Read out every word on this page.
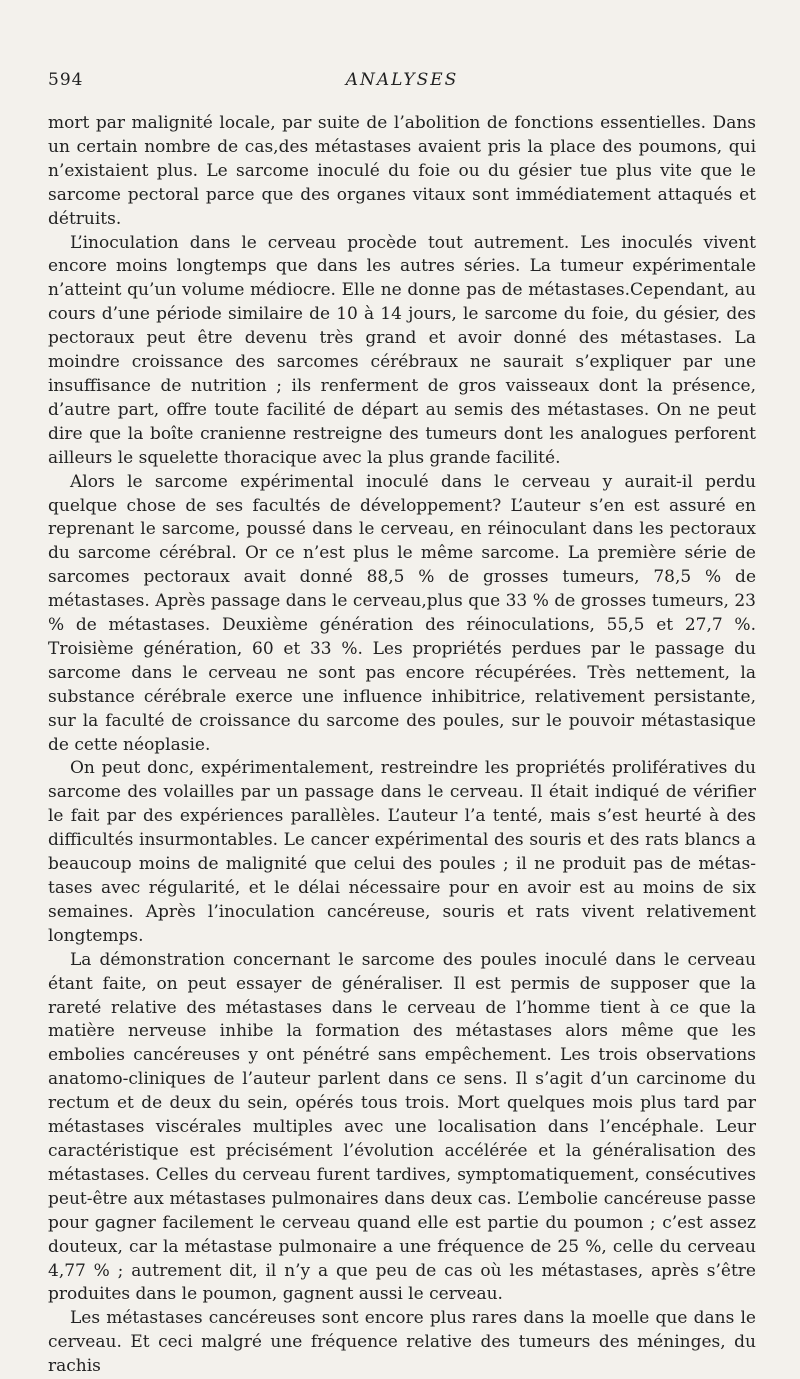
594	ANALYSES

mort par malignité locale, par suite de l’abolition de fonctions essentielles. Dans un certain nombre de cas,des métastases avaient pris la place des poumons, qui n’existaient plus. Le sarcome inoculé du foie ou du gésier tue plus vite que le sarcome pectoral parce que des organes vitaux sont immédiatement attaqués et détruits.

L’inoculation dans le cerveau procède tout autrement. Les inoculés vivent encore moins longtemps que dans les autres séries. La tumeur expérimentale n’atteint qu’un volume médiocre. Elle ne donne pas de métastases.Cependant, au cours d’une période similaire de 10 à 14 jours, le sarcome du foie, du gésier, des pectoraux peut être devenu très grand et avoir donné des métastases. La moindre croissance des sarcomes cérébraux ne saurait s’expliquer par une insuffisance de nutrition ; ils renferment de gros vaisseaux dont la présence, d’autre part, offre toute facilité de départ au semis des métastases. On ne peut dire que la boîte cranienne restreigne des tumeurs dont les analogues perforent ailleurs le squelette thoracique avec la plus grande facilité.

Alors le sarcome expérimental inoculé dans le cerveau y aurait-il perdu quelque chose de ses facultés de développement? L’auteur s’en est assuré en reprenant le sarcome, poussé dans le cerveau, en réinoculant dans les pectoraux du sarcome cérébral. Or ce n’est plus le même sarcome. La première série de sarcomes pectoraux avait donné 88,5 % de grosses tumeurs, 78,5 % de métastases. Après passage dans le cerveau,plus que 33 % de grosses tumeurs, 23 % de métastases. Deuxième génération des réinoculations, 55,5 et 27,7 %. Troisième génération, 60 et 33 %. Les propriétés perdues par le passage du sarcome dans le cerveau ne sont pas encore récupérées. Très nettement, la substance cérébrale exerce une influence inhibitrice, relativement persistante, sur la faculté de croissance du sarcome des poules, sur le pouvoir métastasique de cette néoplasie.

On peut donc, expérimentalement, restreindre les propriétés prolifératives du sarcome des volailles par un passage dans le cerveau. Il était indiqué de vérifier le fait par des expériences parallèles. L’auteur l’a tenté, mais s’est heurté à des difficultés insurmontables. Le cancer expérimental des souris et des rats blancs a beaucoup moins de malignité que celui des poules ; il ne produit pas de métastases avec régularité, et le délai nécessaire pour en avoir est au moins de six semaines. Après l’inoculation cancéreuse, souris et rats vivent relativement longtemps.

La démonstration concernant le sarcome des poules inoculé dans le cerveau étant faite, on peut essayer de généraliser. Il est permis de supposer que la rareté relative des métastases dans le cerveau de l’homme tient à ce que la matière nerveuse inhibe la formation des métastases alors même que les embolies cancéreuses y ont pénétré sans empêchement. Les trois observations anatomo-cliniques de l’auteur parlent dans ce sens. Il s’agit d’un carcinome du rectum et de deux du sein, opérés tous trois. Mort quelques mois plus tard par métastases viscérales multiples avec une localisation dans l’encéphale. Leur caractéristique est précisément l’évolution accélérée et la généralisation des métastases. Celles du cerveau furent tardives, symptomatiquement, consécutives peut-être aux métastases pulmonaires dans deux cas. L’embolie cancéreuse passe pour gagner facilement le cerveau quand elle est partie du poumon ; c’est assez douteux, car la métastase pulmonaire a une fréquence de 25 %, celle du cerveau 4,77 % ; autrement dit, il n’y a que peu de cas où les métastases, après s’être produites dans le poumon, gagnent aussi le cerveau.

Les métastases cancéreuses sont encore plus rares dans la moelle que dans le cerveau. Et ceci malgré une fréquence relative des tumeurs des méninges, du rachis
